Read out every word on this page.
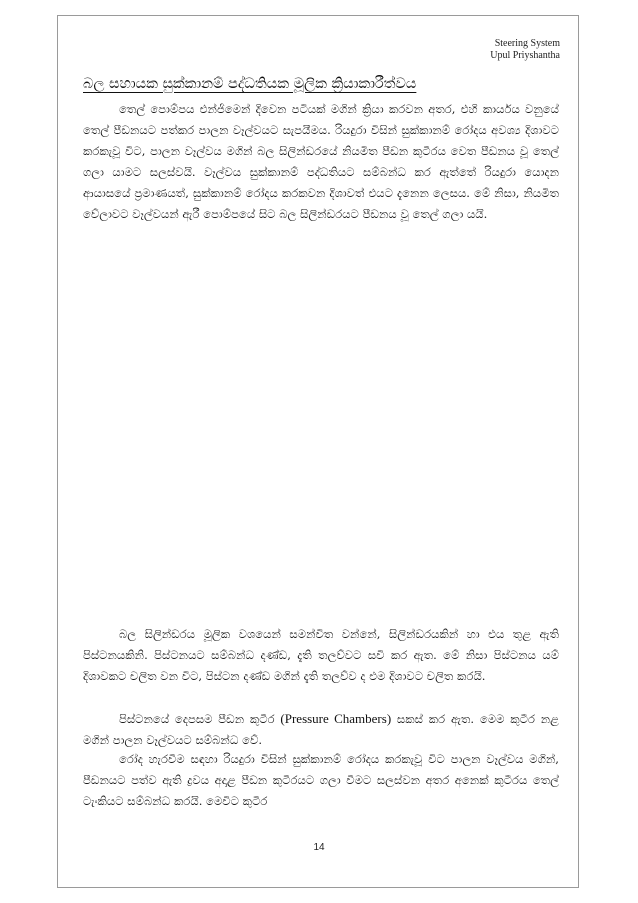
Steering System
Upul Priyshantha
බල සහායක සුක්කානම් පද්ධතියක මූලික ක්‍රියාකාරීත්වය

තෙල් පොම්පය එන්ජිමෙන් දිවෙන පටියක් මගින් ක්‍රියා කරවන අතර, එහි කාර්යය වනුයේ තෙල් පීඩනයට පත්කර පාලන වෑල්වයට සැපයීමය. රියදුරා විසින් සුක්කානම් රෝදය අවශ්‍ය දිශාවට කරකැවූ විට, පාලන වෑල්වය මගින් බල සිලින්ඩරයේ නියමිත පීඩන කුටීරය වෙත පීඩනය වූ තෙල් ගලා යාමට සලස්වයි. වෑල්වය සුක්කානම් පද්ධතියට සම්බන්ධ කර ඇත්තේ රියදුරා යොදන ආයාසයේ ප්‍රමාණයත්, සුක්කානම් රෝදය කරකවන දිශාවත් එයට දැනෙන ලෙසය. මේ නිසා, නියමිත වේලාවට වෑල්වයන් ඇරී පොම්පයේ සිට බල සිලින්ඩරයට පීඩනය වූ තෙල් ගලා යයි.

බල සිලින්ඩරය මූලික වශයෙන් සමන්විත වන්නේ, සිලින්ඩරයකින් හා එය තුළ ඇති පිස්ටනයකිනි. පිස්ටනයට සම්බන්ධ දණ්ඩ, දැති තලව්වට සවි කර ඇත. මේ නිසා පිස්ටනය යම් දිශාවකට චලිත වන විට, පිස්ටන දණ්ඩ මගින් දැති තලව්ව ද එම දිශාවට චලිත කරයි.

පිස්ටනයේ දෙපසම පීඩන කුටීර (Pressure Chambers) සකස් කර ඇත. මෙම කුටීර නළ මගින් පාලන වෑල්වයට සම්බන්ධ වේ.

රෝද හැරවීම සඳහා රියදුරා විසින් සුක්කානම් රෝදය කරකැවූ විට පාලන වෑල්වය මගින්, පීඩනයට පත්ව ඇති ද්‍රවය අදාළ පීඩන කුටීරයට ගලා වීමට සලස්වන අතර අනෙක් කුටීරය තෙල් ටැංකියට සම්බන්ධ කරයි. මෙවිට කුටීර

14
